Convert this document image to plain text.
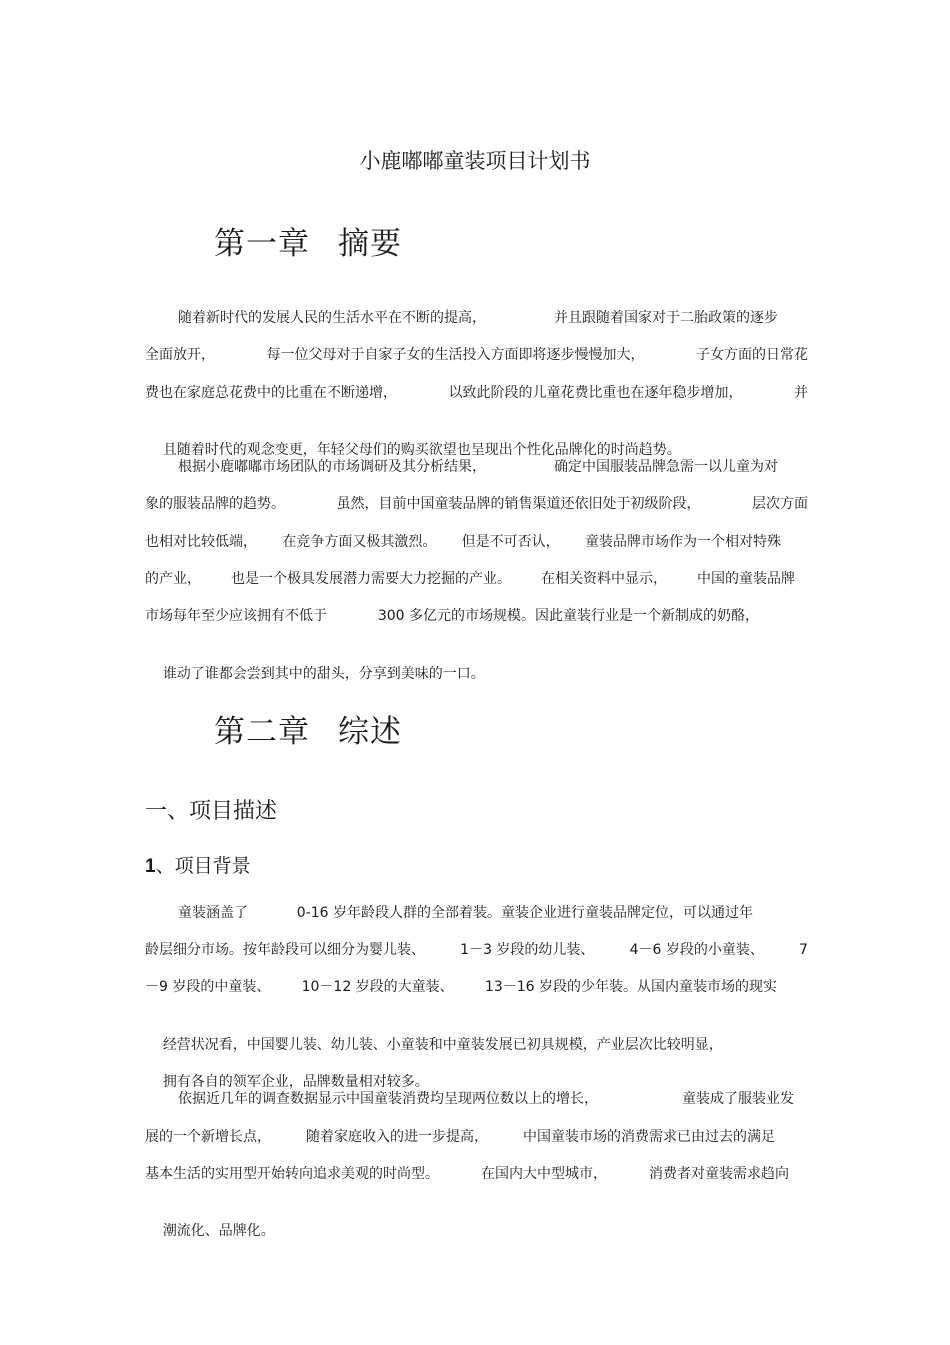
小鹿嘟嘟童装项目计划书
第一章 摘要
随着新时代的发展人民的生活水平在不断的提高，	并且跟随着国家对于二胎政策的逐步
全面放开，	每一位父母对于自家子女的生活投入方面即将逐步慢慢加大，	子女方面的日常花
费也在家庭总花费中的比重在不断递增，	以致此阶段的儿童花费比重也在逐年稳步增加，	并

且随着时代的观念变更，年轻父母们的购买欲望也呈现出个性化品牌化的时尚趋势。

根据小鹿嘟嘟市场团队的市场调研及其分析结果，	确定中国服装品牌急需一以儿童为对
象的服装品牌的趋势。	虽然，目前中国童装品牌的销售渠道还依旧处于初级阶段，	层次方面
也相对比较低端， 在竞争方面又极其激烈。 但是不可否认， 童装品牌市场作为一个相对特殊
的产业， 也是一个极具发展潜力需要大力挖掘的产业。 在相关资料中显示， 中国的童装品牌
市场每年至少应该拥有不低于	300 多亿元的市场规模。因此童装行业是一个新制成的奶酪，

谁动了谁都会尝到其中的甜头，分享到美味的一口。

第二章 综述
一、项目描述
1、项目背景
童装涵盖了	0-16 岁年龄段人群的全部着装。童装企业进行童装品牌定位，可以通过年
龄层细分市场。按年龄段可以细分为婴儿装、	1－3 岁段的幼儿装、	4－6 岁段的小童装、	7
－9 岁段的中童装、 10－12 岁段的大童装、 13－16 岁段的少年装。从国内童装市场的现实

经营状况看，中国婴儿装、幼儿装、小童装和中童装发展已初具规模，产业层次比较明显，

拥有各自的领军企业，品牌数量相对较多。

依据近几年的调查数据显示中国童装消费均呈现两位数以上的增长，	童装成了服装业发
展的一个新增长点，	随着家庭收入的进一步提高，	中国童装市场的消费需求已由过去的满足
基本生活的实用型开始转向追求美观的时尚型。	在国内大中型城市，	消费者对童装需求趋向

潮流化、品牌化。
